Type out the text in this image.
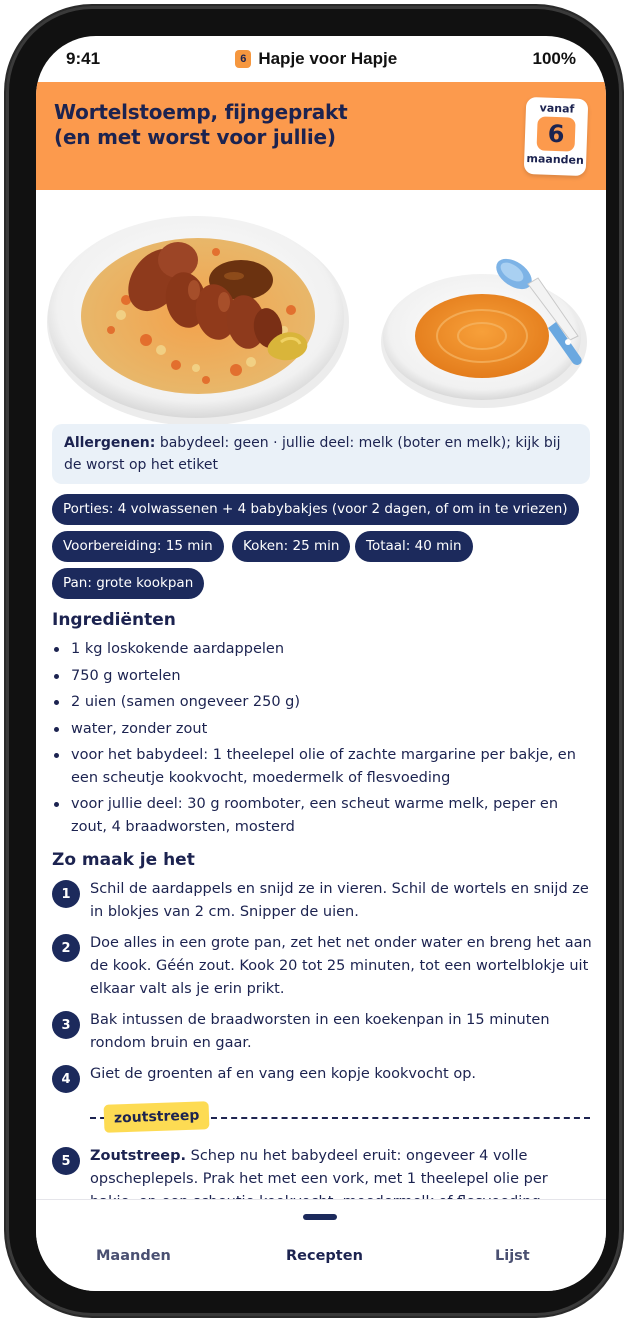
9:41	6 Hapje voor Hapje	100%
Wortelstoemp, fijngeprakt
(en met worst voor jullie)
vanaf
6
maanden
Allergenen: babydeel: geen · jullie deel: melk (boter en melk); kijk bij de worst op het etiket
Porties: 4 volwassenen + 4 babybakjes (voor 2 dagen, of om in te vriezen)
Voorbereiding: 15 min	Koken: 25 min	Totaal: 40 min
Pan: grote kookpan
Ingrediënten
1 kg loskokende aardappelen
750 g wortelen
2 uien (samen ongeveer 250 g)
water, zonder zout
voor het babydeel: 1 theelepel olie of zachte margarine per bakje, en een scheutje kookvocht, moedermelk of flesvoeding
voor jullie deel: 30 g roomboter, een scheut warme melk, peper en zout, 4 braadworsten, mosterd
Zo maak je het
1	Schil de aardappels en snijd ze in vieren. Schil de wortels en snijd ze in blokjes van 2 cm. Snipper de uien.
2	Doe alles in een grote pan, zet het net onder water en breng het aan de kook. Géén zout. Kook 20 tot 25 minuten, tot een wortelblokje uit elkaar valt als je erin prikt.
3	Bak intussen de braadworsten in een koekenpan in 15 minuten rondom bruin en gaar.
4	Giet de groenten af en vang een kopje kookvocht op.
zoutstreep
5	Zoutstreep. Schep nu het babydeel eruit: ongeveer 4 volle opscheplepels. Prak het met een vork, met 1 theelepel olie per
Maanden	Recepten	Lijst
